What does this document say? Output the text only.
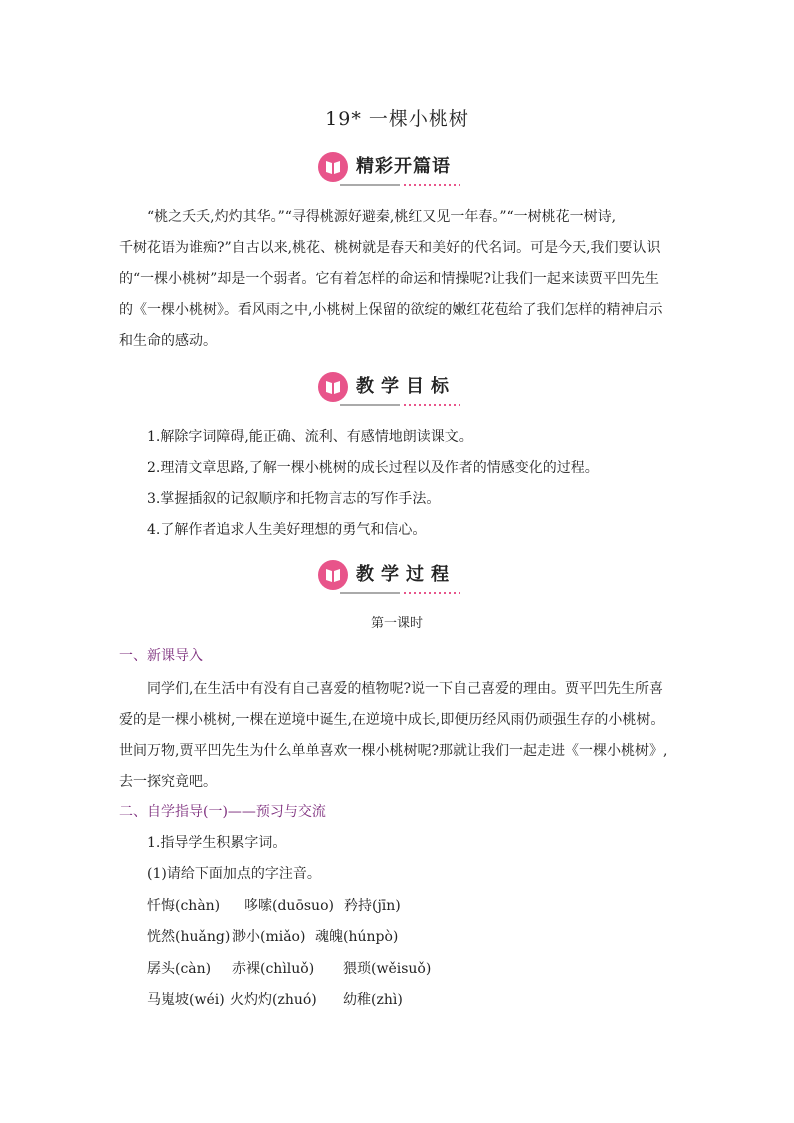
19* 一棵小桃树
精彩开篇语
“桃之夭夭,灼灼其华。”“寻得桃源好避秦,桃红又见一年春。”“一树桃花一树诗,
千树花语为谁痴?”自古以来,桃花、桃树就是春天和美好的代名词。可是今天,我们要认识
的“一棵小桃树”却是一个弱者。它有着怎样的命运和情操呢?让我们一起来读贾平凹先生
的《一棵小桃树》。看风雨之中,小桃树上保留的欲绽的嫩红花苞给了我们怎样的精神启示
和生命的感动。
教学目标
1.解除字词障碍,能正确、流利、有感情地朗读课文。
2.理清文章思路,了解一棵小桃树的成长过程以及作者的情感变化的过程。
3.掌握插叙的记叙顺序和托物言志的写作手法。
4.了解作者追求人生美好理想的勇气和信心。
教学过程
第一课时
一、新课导入
同学们,在生活中有没有自己喜爱的植物呢?说一下自己喜爱的理由。贾平凹先生所喜
爱的是一棵小桃树,一棵在逆境中诞生,在逆境中成长,即便历经风雨仍顽强生存的小桃树。
世间万物,贾平凹先生为什么单单喜欢一棵小桃树呢?那就让我们一起走进《一棵小桃树》,
去一探究竟吧。
二、自学指导(一)——预习与交流
1.指导学生积累字词。
(1)请给下面加点的字注音。
忏悔(chàn) 哆嗦(duōsuo) 矜持(jīn)
恍然(huǎng) 渺小(miǎo) 魂魄(húnpò)
孱头(càn) 赤裸(chìluǒ) 猥琐(wěisuǒ)
马嵬坡(wéi) 火灼灼(zhuó) 幼稚(zhì)
